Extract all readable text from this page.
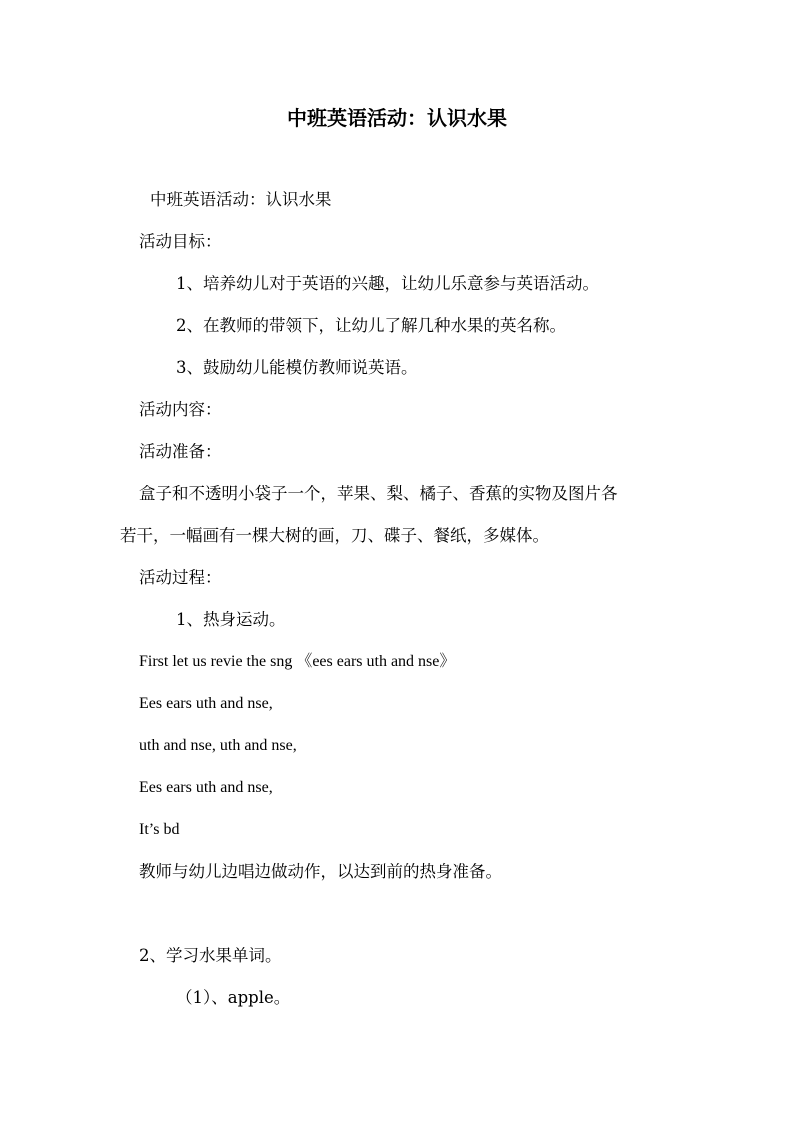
中班英语活动：认识水果
中班英语活动：认识水果
活动目标：
1、培养幼儿对于英语的兴趣，让幼儿乐意参与英语活动。
2、在教师的带领下，让幼儿了解几种水果的英名称。
3、鼓励幼儿能模仿教师说英语。
活动内容：
活动准备：
盒子和不透明小袋子一个，苹果、梨、橘子、香蕉的实物及图片各
若干，一幅画有一棵大树的画，刀、碟子、餐纸，多媒体。
活动过程：
1、热身运动。
First let us revie the sng 《ees ears uth and nse》
Ees ears uth and nse,
uth and nse, uth and nse,
Ees ears uth and nse,
It’s bd
教师与幼儿边唱边做动作，以达到前的热身准备。
2、学习水果单词。
（1）、apple。
